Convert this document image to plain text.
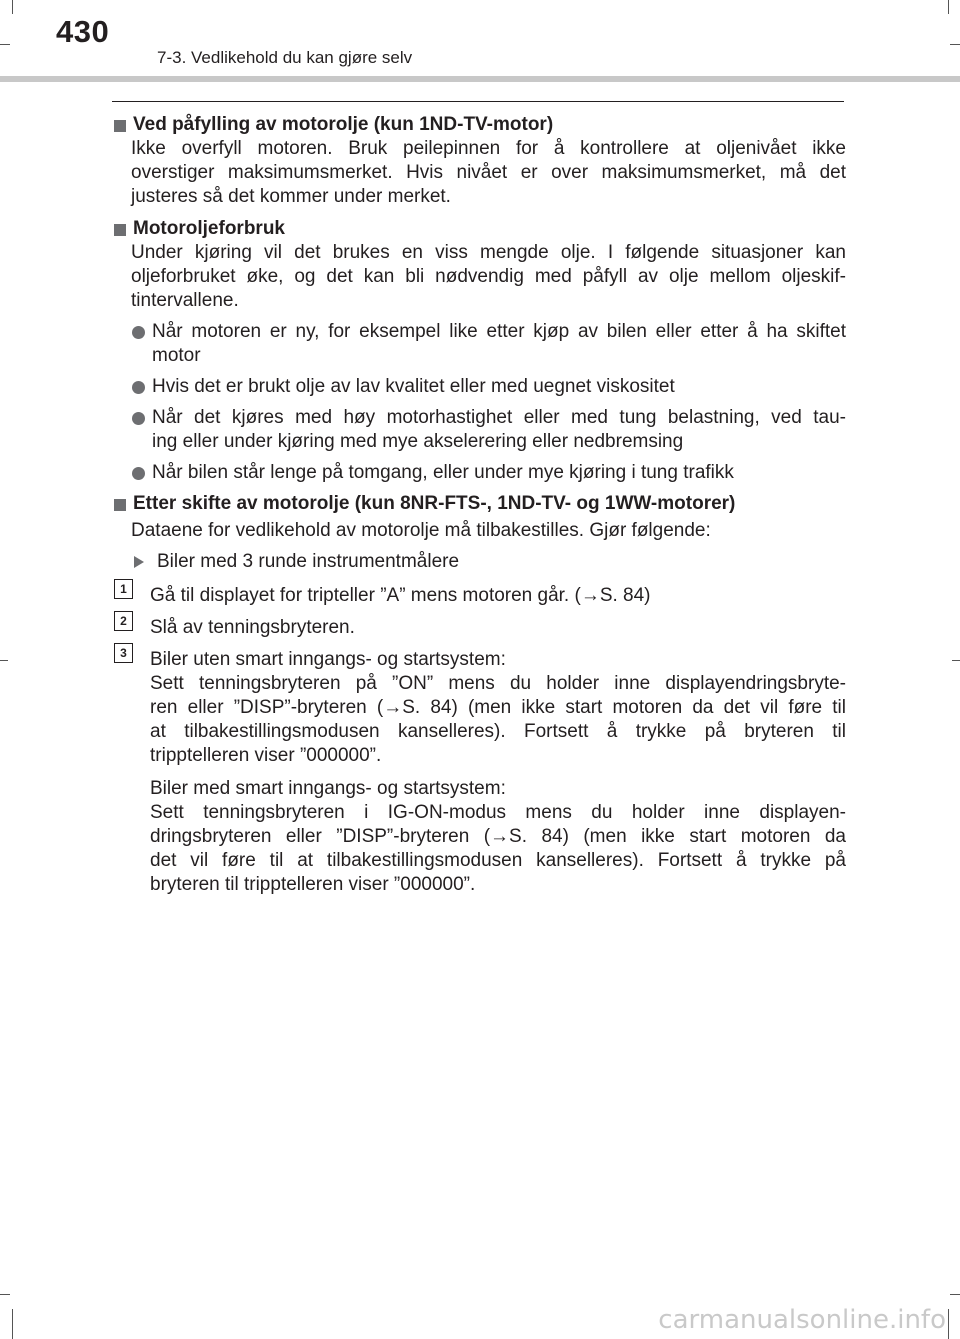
430
7-3. Vedlikehold du kan gjøre selv
Ved påfylling av motorolje (kun 1ND-TV-motor)
Ikke overfyll motoren. Bruk peilepinnen for å kontrollere at oljenivået ikke
overstiger maksimumsmerket. Hvis nivået er over maksimumsmerket, må det
justeres så det kommer under merket.
Motoroljeforbruk
Under kjøring vil det brukes en viss mengde olje. I følgende situasjoner kan
oljeforbruket øke, og det kan bli nødvendig med påfyll av olje mellom oljeskif-
tintervallene.
Når motoren er ny, for eksempel like etter kjøp av bilen eller etter å ha skiftet
motor
Hvis det er brukt olje av lav kvalitet eller med uegnet viskositet
Når det kjøres med høy motorhastighet eller med tung belastning, ved tau-
ing eller under kjøring med mye akselerering eller nedbremsing
Når bilen står lenge på tomgang, eller under mye kjøring i tung trafikk
Etter skifte av motorolje (kun 8NR-FTS-, 1ND-TV- og 1WW-motorer)
Dataene for vedlikehold av motorolje må tilbakestilles. Gjør følgende:
Biler med 3 runde instrumentmålere
1	Gå til displayet for tripteller ”A” mens motoren går. (→S. 84)
2	Slå av tenningsbryteren.
3	Biler uten smart inngangs- og startsystem:
Sett tenningsbryteren på ”ON” mens du holder inne displayendringsbryte-
ren eller ”DISP”-bryteren (→S. 84) (men ikke start motoren da det vil føre til
at tilbakestillingsmodusen kanselleres). Fortsett å trykke på bryteren til
tripptelleren viser ”000000”.
Biler med smart inngangs- og startsystem:
Sett tenningsbryteren i IG-ON-modus mens du holder inne displayen-
dringsbryteren eller ”DISP”-bryteren (→S. 84) (men ikke start motoren da
det vil føre til at tilbakestillingsmodusen kanselleres). Fortsett å trykke på
bryteren til tripptelleren viser ”000000”.
carmanualsonline.info
